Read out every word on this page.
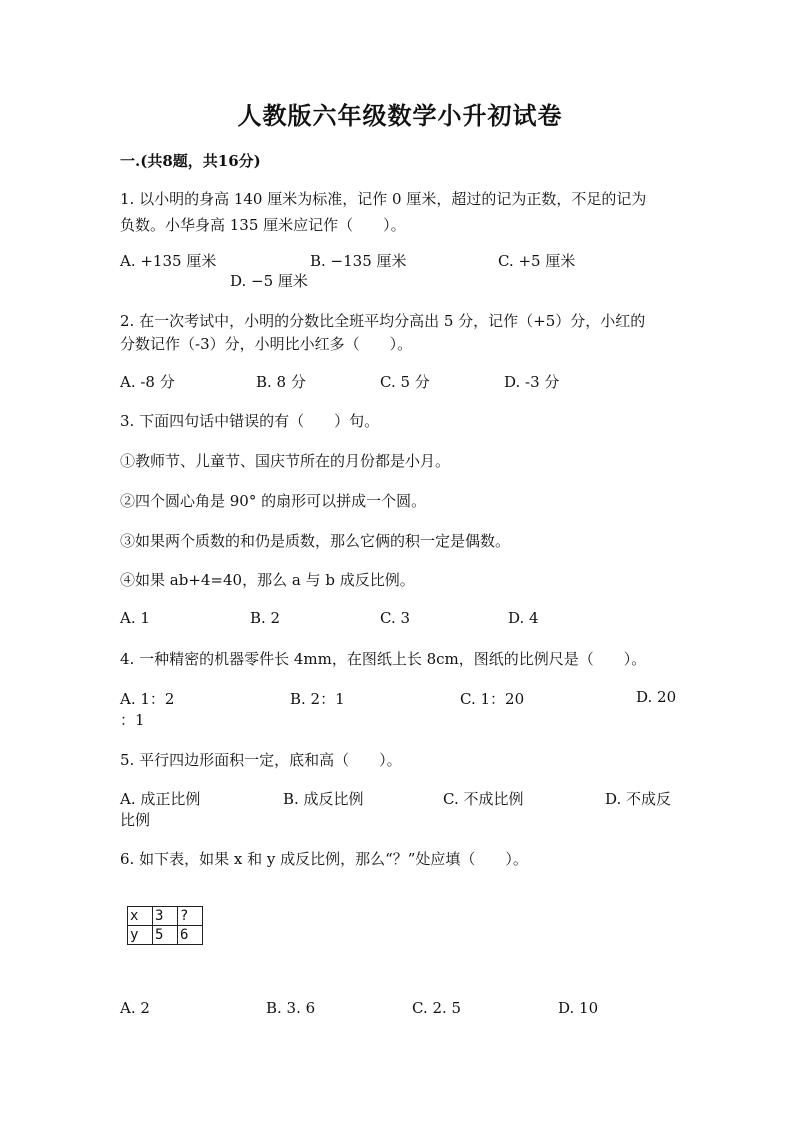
人教版六年级数学小升初试卷
一.(共8题，共16分)
1. 以小明的身高 140 厘米为标准，记作 0 厘米，超过的记为正数，不足的记为
负数。小华身高 135 厘米应记作（　　）。
A. +135 厘米	B. −135 厘米	C. +5 厘米
D. −5 厘米
2. 在一次考试中，小明的分数比全班平均分高出 5 分，记作（+5）分，小红的
分数记作（-3）分，小明比小红多（　　）。
A. -8 分	B. 8 分	C. 5 分	D. -3 分
3. 下面四句话中错误的有（　　）句。
①教师节、儿童节、国庆节所在的月份都是小月。
②四个圆心角是 90° 的扇形可以拼成一个圆。
③如果两个质数的和仍是质数，那么它俩的积一定是偶数。
④如果 ab+4=40，那么 a 与 b 成反比例。
A. 1	B. 2	C. 3	D. 4
4. 一种精密的机器零件长 4mm，在图纸上长 8cm，图纸的比例尺是（　　）。
A. 1：2	B. 2：1	C. 1：20	D. 20
：1
5. 平行四边形面积一定，底和高（　　）。
A. 成正比例	B. 成反比例	C. 不成比例	D. 不成反
比例
6. 如下表，如果 x 和 y 成反比例，那么“？”处应填（　　）。
x	3	?
y	5	6
A. 2	B. 3. 6	C. 2. 5	D. 10
